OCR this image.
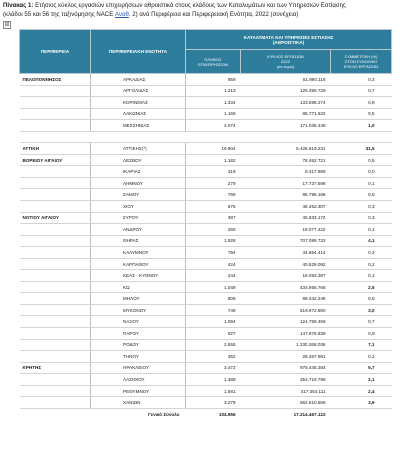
Πίνακας 1: Ετήσιος κύκλος εργασιών επιχειρήσεων αθροιστικά στους κλάδους των Καταλυμάτων και των Υπηρεσιών Εστίασης
(κλάδοι 55 και 56 της ταξινόμησης NACE Αναθ. 2) ανά Περιφέρεια και Περιφερειακή Ενότητα, 2022 (συνέχεια)
⊞
ΠΕΡΙΦΕΡΕΙΑ	ΠΕΡΙΦΕΡΕΙΑΚΗ ΕΝΟΤΗΤΑ	ΚΑΤΑΛΥΜΑΤΑ ΚΑΙ ΥΠΗΡΕΣΙΕΣ ΕΣΤΙΑΣΗΣ
(ΑΘΡΟΙΣΤΙΚΑ)		
		ΠΛΗΘΟΣ
ΕΠΙΧΕΙΡΗΣΕΩΝ	ΚΥΚΛΟΣ ΕΡΓΑΣΙΩΝ
2022
(σε ευρώ)	ΣΥΜΜΕΤΟΧΗ (%)
ΣΤΟΝ ΣΥΝΟΛΙΚΟ
ΚΥΚΛΟ ΕΡΓΑΣΙΩΝ
ΠΕΛΟΠΟΝΝΗΣΟΣ	ΑΡΚΑΔΙΑΣ	959	51.990.116	0,3
	ΑΡΓΟΛΙΔΑΣ	1.213	125.359.729	0,7
	ΚΟΡΙΝΘΙΑΣ	1.334	133.698.274	0,8
	ΛΑΚΩΝΙΑΣ	1.168	85.771.632	0,5
	ΜΕΣΣΗΝΙΑΣ	2.074	171.035.448	1,0

ΑΤΤΙΚΗ	ΑΤΤΙΚΗΣ(*)	19.804	5.426.519.231	31,5
ΒΟΡΕΙΟΥ ΑΙΓΑΙΟΥ	ΛΕΣΒΟΥ	1.182	78.462.721	0,5
	ΙΚΑΡΙΑΣ	319	8.317.889	0,0
	ΛΗΜΝΟΥ	279	17.737.599	0,1
	ΣΑΜΟΥ	769	85.795.166	0,5
	ΧΙΟΥ	575	48.453.307	0,3
ΝΟΤΙΟΥ ΑΙΓΑΙΟΥ	ΣΥΡΟΥ	387	46.833.172	0,3
	ΑΝΔΡΟΥ	260	19.077.422	0,1
	ΘΗΡΑΣ	1.928	707.099.732	4,1
	ΚΑΛΥΜΝΟΥ	794	44.864.414	0,3
	ΚΑΡΠΑΘΟΥ	424	40.529.092	0,2
	ΚΕΑΣ - ΚΥΘΝΟΥ	244	18.093.387	0,1
	ΚΩ	1.049	434.955.766	2,5
	ΜΗΛΟΥ	809	89.442.249	0,5
	ΜΥΚΟΝΟΥ	749	519.972.890	3,0
	ΝΑΞΟΥ	1.094	124.759.456	0,7
	ΠΑΡΟΥ	927	147.976.839	0,9
	ΡΟΔΟΥ	2.655	1.230.268.036	7,1
	ΤΗΝΟΥ	352	28.367.981	0,2
ΚΡΗΤΗΣ	ΗΡΑΚΛΕΙΟΥ	3.472	978.445.384	5,7
	ΛΑΣΙΘΙΟΥ	1.389	354.719.798	2,1
	ΡΕΘΥΜΝΟΥ	1.681	417.354.111	2,4
	ΧΑΝΙΩΝ	3.279	664.810.586	3,9
Γενικό Σύνολο		104.956	17.214.467.122	
